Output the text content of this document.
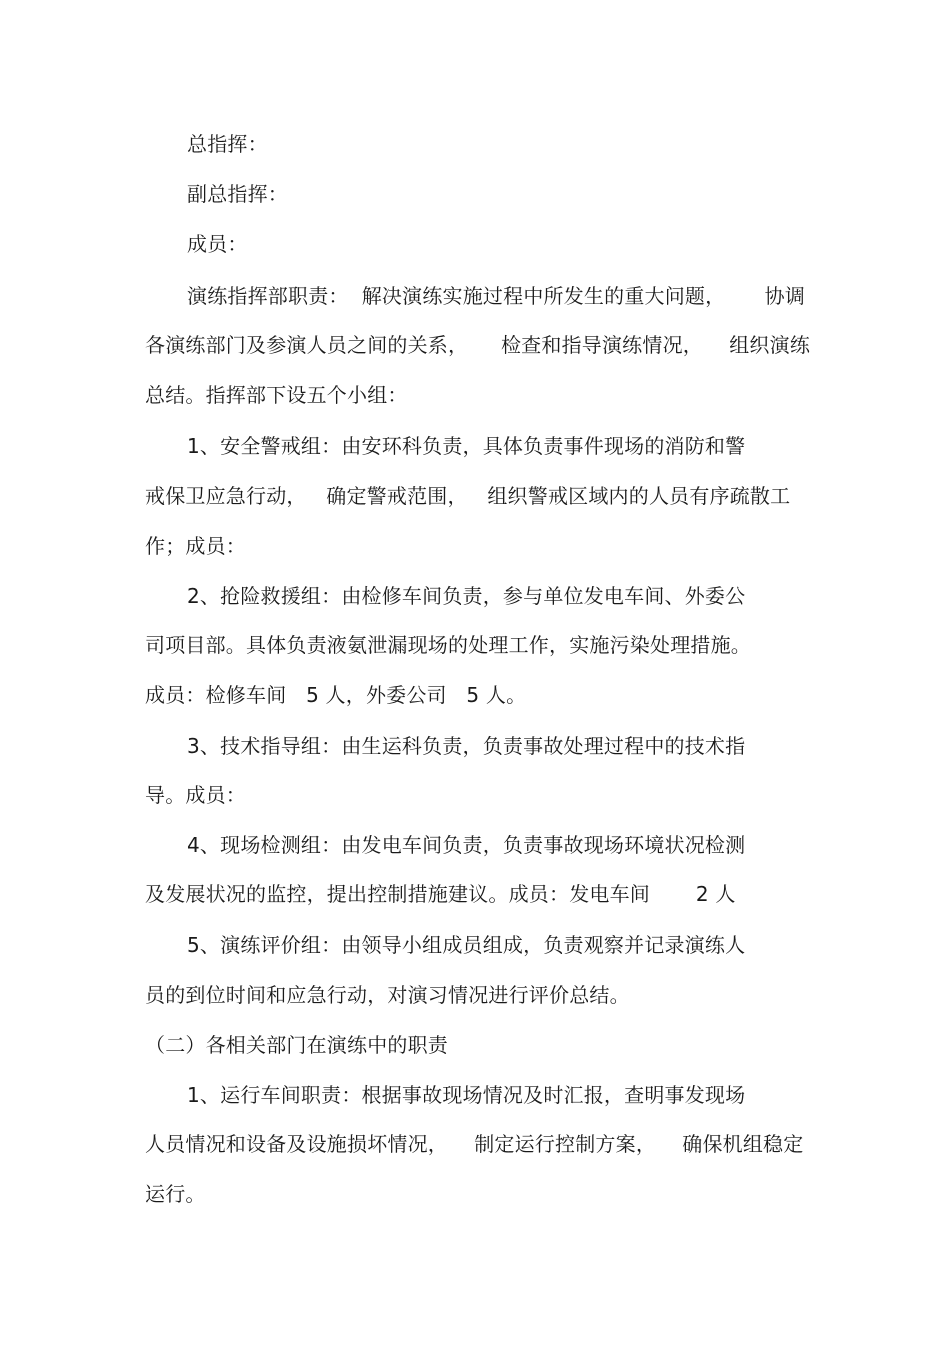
总指挥：
副总指挥：
成员：
演练指挥部职责：  解决演练实施过程中所发生的重大问题，      协调
各演练部门及参演人员之间的关系，     检查和指导演练情况，    组织演练
总结。指挥部下设五个小组：
1、安全警戒组：由安环科负责，具体负责事件现场的消防和警
戒保卫应急行动，   确定警戒范围，   组织警戒区域内的人员有序疏散工
作；成员：
2、抢险救援组：由检修车间负责，参与单位发电车间、外委公
司项目部。具体负责液氨泄漏现场的处理工作，实施污染处理措施。
成员：检修车间   5 人，外委公司   5 人。
3、技术指导组：由生运科负责，负责事故处理过程中的技术指
导。成员：
4、现场检测组：由发电车间负责，负责事故现场环境状况检测
及发展状况的监控，提出控制措施建议。成员：发电车间       2 人
5、演练评价组：由领导小组成员组成，负责观察并记录演练人
员的到位时间和应急行动，对演习情况进行评价总结。
（二）各相关部门在演练中的职责
1、运行车间职责：根据事故现场情况及时汇报，查明事发现场
人员情况和设备及设施损坏情况，    制定运行控制方案，    确保机组稳定
运行。
